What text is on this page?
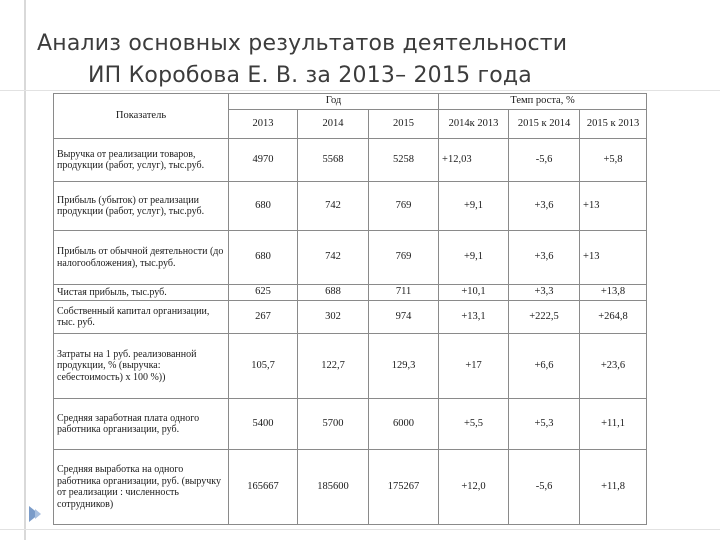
Анализ основных результатов деятельности
ИП Коробова Е. В. за 2013– 2015 года
Показатель	Год			Темп роста, %		
	2013	2014	2015	2014к 2013	2015 к 2014	2015 к 2013
Выручка от реализации товаров, продукции (работ, услуг), тыс.руб.	4970	5568	5258	+12,03	-5,6	+5,8
Прибыль (убыток) от реализации продукции (работ, услуг), тыс.руб.	680	742	769	+9,1	+3,6	+13
Прибыль от обычной деятельности (до налогообложения), тыс.руб.	680	742	769	+9,1	+3,6	+13
Чистая прибыль, тыс.руб.	625	688	711	+10,1	+3,3	+13,8
Собственный капитал организации, тыс. руб.	267	302	974	+13,1	+222,5	+264,8
Затраты на 1 руб. реализованной продукции, % (выручка: себестоимость) х 100 %))	105,7	122,7	129,3	+17	+6,6	+23,6
Средняя заработная плата одного работника организации, руб.	5400	5700	6000	+5,5	+5,3	+11,1
Средняя выработка на одного работника организации, руб. (выручку от реализации : численность сотрудников)	165667	185600	175267	+12,0	-5,6	+11,8
